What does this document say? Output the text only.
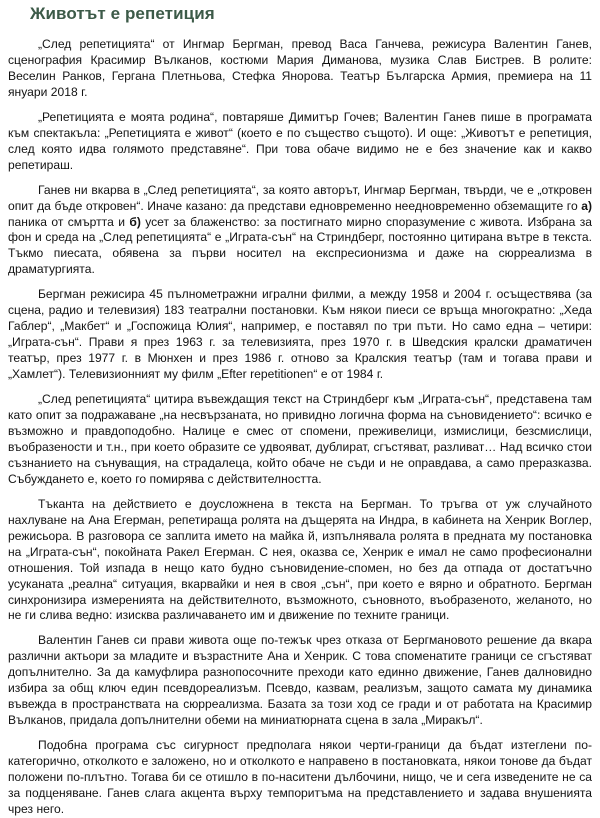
Животът е репетиция

„След репетицията“ от Ингмар Бергман, превод Васа Ганчева, режисура Валентин Ганев, сценография Красимир Вълканов, костюми Мария Диманова, музика Слав Бистрев. В ролите: Веселин Ранков, Гергана Плетньова, Стефка Янорова. Театър Българска Армия, премиера на 11 януари 2018 г.

„Репетицията е моята родина“, повтаряше Димитър Гочев; Валентин Ганев пише в програмата към спектакъла: „Репетицията е живот“ (което е по същество същото). И още: „Животът е репетиция, след която идва голямото представяне“. При това обаче видимо не е без значение как и какво репетираш.

Ганев ни вкарва в „След репетицията“, за която авторът, Ингмар Бергман, твърди, че е „откровен опит да бъде откровен“. Иначе казано: да представи едновременно неедновременно обземащите го а) паника от смъртта и б) усет за блаженство: за постигнато мирно споразумение с живота. Избрана за фон и среда на „След репетицията“ е „Играта-сън“ на Стриндберг, постоянно цитирана вътре в текста. Тъкмо пиесата, обявена за първи носител на експресионизма и даже на сюрреализма в драматургията.

Бергман режисира 45 пълнометражни игрални филми, а между 1958 и 2004 г. осъществява (за сцена, радио и телевизия) 183 театрални постановки. Към някои пиеси се връща многократно: „Хеда Габлер“, „Макбет“ и „Госпожица Юлия“, например, е поставял по три пъти. Но само една – четири: „Играта-сън“. Прави я през 1963 г. за телевизията, през 1970 г. в Шведския кралски драматичен театър, през 1977 г. в Мюнхен и през 1986 г. отново за Кралския театър (там и тогава прави и „Хамлет“). Телевизионният му филм „Efter repetitionen“ е от 1984 г.

„След репетицията“ цитира въвеждащия текст на Стриндберг към „Играта-сън“, представена там като опит за подражаване „на несвързаната, но привидно логична форма на съновидението“: всичко е възможно и правдоподобно. Налице е смес от спомени, преживелици, измислици, безсмислици, въобразености и т.н., при което образите се удвояват, дублират, сгъстяват, разливат… Над всичко стои съзнанието на сънуващия, на страдалеца, който обаче не съди и не оправдава, а само преразказва. Събуждането е, което го помирява с действителността.

Тъканта на действието е доусложнена в текста на Бергман. То тръгва от уж случайното нахлуване на Ана Егерман, репетираща ролята на дъщерята на Индра, в кабинета на Хенрик Воглер, режисьора. В разговора се заплита името на майка й, изпълнявала ролята в предната му постановка на „Играта-сън“, покойната Ракел Егерман. С нея, оказва се, Хенрик е имал не само професионални отношения. Той изпада в нещо като будно съновидение-спомен, но без да отпада от достатъчно усуканата „реална“ ситуация, вкарвайки и нея в своя „сън“, при което е вярно и обратното. Бергман синхронизира измеренията на действителното, възможното, съновното, въобразеното, желаното, но не ги слива ведно: изисква различаването им и движение по техните граници.

Валентин Ганев си прави живота още по-тежък чрез отказа от Бергмановото решение да вкара различни актьори за младите и възрастните Ана и Хенрик. С това споменатите граници се сгъстяват допълнително. За да камуфлира разнопосочните преходи като единно движение, Ганев далновидно избира за общ ключ един псевдореализъм. Псевдо, казвам, реализъм, защото самата му динамика въвежда в пространствата на сюрреализма. Базата за този ход се гради и от работата на Красимир Вълканов, придала допълнителни обеми на миниатюрната сцена в зала „Миракъл“.

Подобна програма със сигурност предполага някои черти-граници да бъдат изтеглени по-категорично, отколкото е заложено, но и отколкото е направено в постановката, някои тонове да бъдат положени по-плътно. Тогава би се отишло в по-наситени дълбочини, нищо, че и сега изведените не са за подценяване. Ганев слага акцента върху темпоритъма на представлението и задава внушенията чрез него.
